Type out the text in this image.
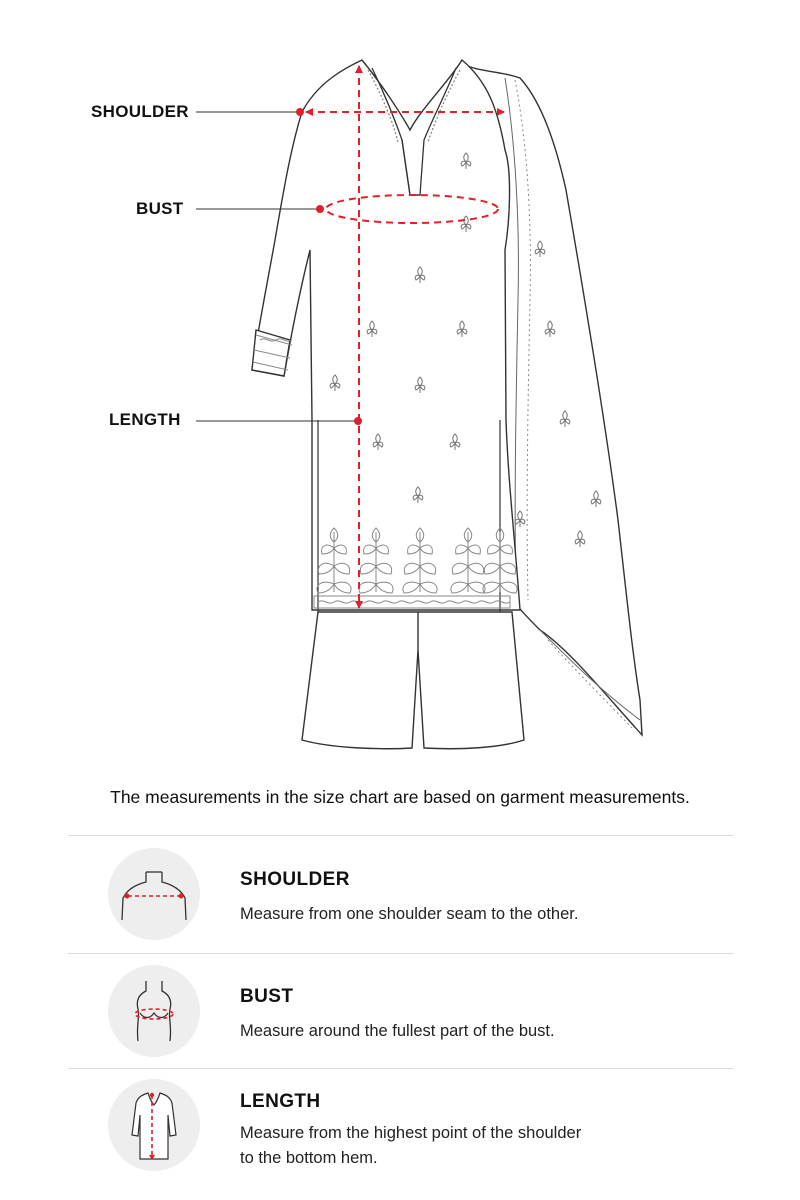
SHOULDER
BUST
LENGTH
The measurements in the size chart are based on garment measurements.
SHOULDER
Measure from one shoulder seam to the other.
BUST
Measure around the fullest part of the bust.
LENGTH
Measure from the highest point of the shoulder
to the bottom hem.
